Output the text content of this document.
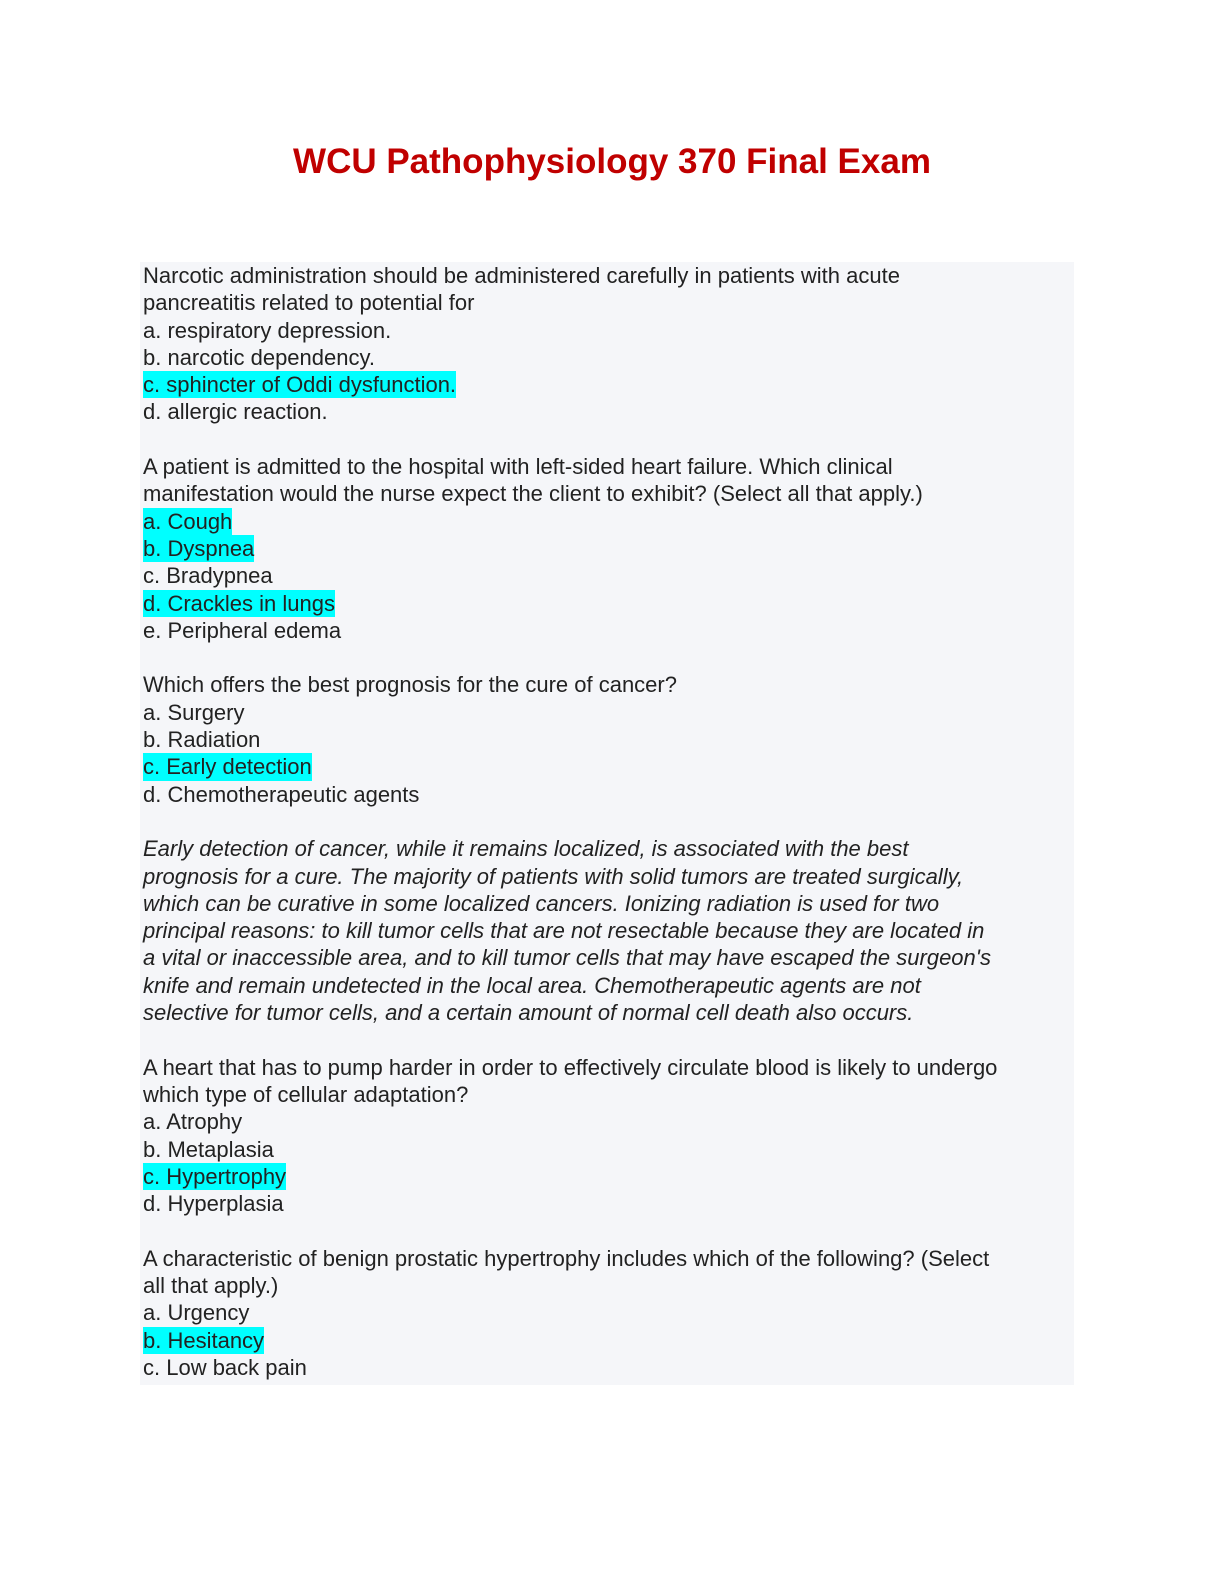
WCU Pathophysiology 370 Final Exam
Narcotic administration should be administered carefully in patients with acute
pancreatitis related to potential for
a. respiratory depression.
b. narcotic dependency.
c. sphincter of Oddi dysfunction.
d. allergic reaction.
A patient is admitted to the hospital with left-sided heart failure. Which clinical
manifestation would the nurse expect the client to exhibit? (Select all that apply.)
a. Cough
b. Dyspnea
c. Bradypnea
d. Crackles in lungs
e. Peripheral edema
Which offers the best prognosis for the cure of cancer?
a. Surgery
b. Radiation
c. Early detection
d. Chemotherapeutic agents
Early detection of cancer, while it remains localized, is associated with the best
prognosis for a cure. The majority of patients with solid tumors are treated surgically,
which can be curative in some localized cancers. Ionizing radiation is used for two
principal reasons: to kill tumor cells that are not resectable because they are located in
a vital or inaccessible area, and to kill tumor cells that may have escaped the surgeon's
knife and remain undetected in the local area. Chemotherapeutic agents are not
selective for tumor cells, and a certain amount of normal cell death also occurs.
A heart that has to pump harder in order to effectively circulate blood is likely to undergo
which type of cellular adaptation?
a. Atrophy
b. Metaplasia
c. Hypertrophy
d. Hyperplasia
A characteristic of benign prostatic hypertrophy includes which of the following? (Select
all that apply.)
a. Urgency
b. Hesitancy
c. Low back pain
